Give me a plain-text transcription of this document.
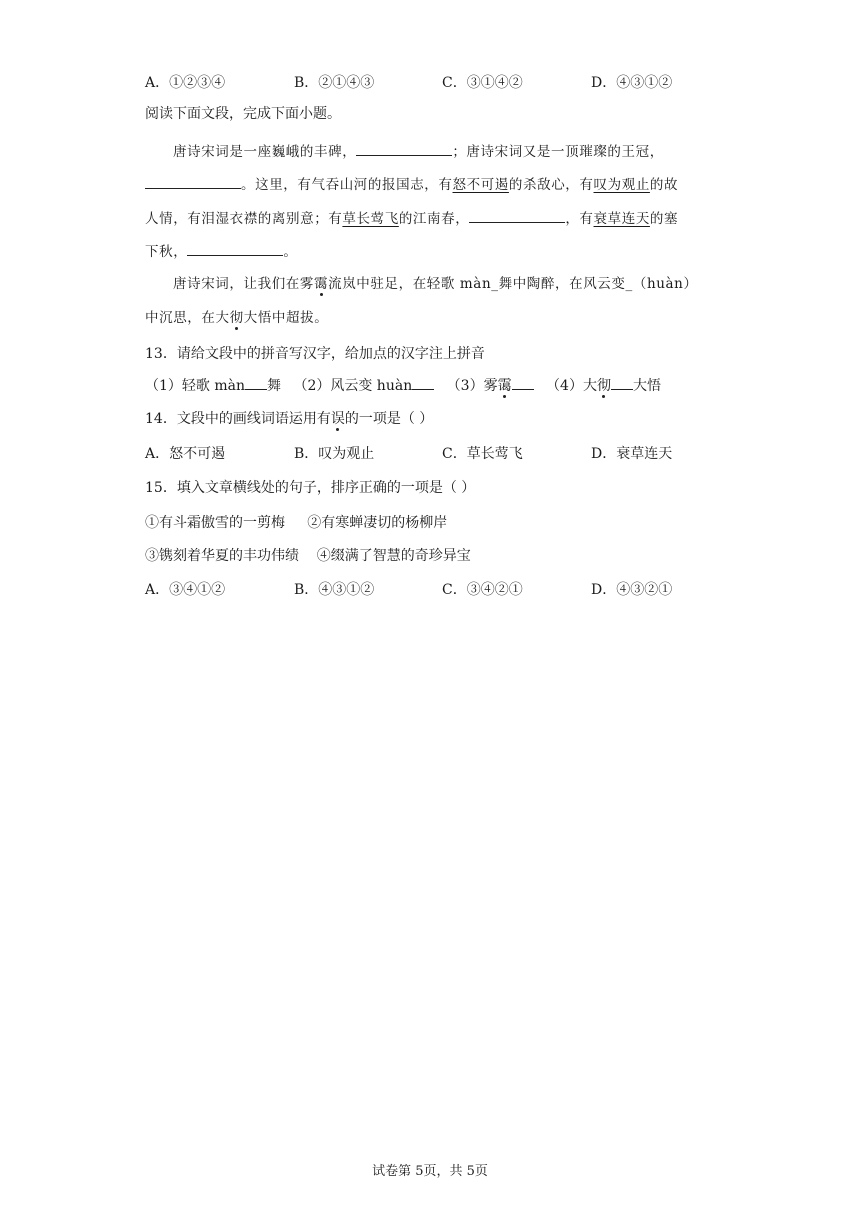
A．①②③④	B．②①④③	C．③①④②	D．④③①②
阅读下面文段，完成下面小题。
唐诗宋词是一座巍峨的丰碑，	；唐诗宋词又是一顶璀璨的王冠，
。这里，有气吞山河的报国志，有怒不可遏的杀敌心，有叹为观止的故
人情，有泪湿衣襟的离别意；有草长莺飞的江南春，	，有衰草连天的塞
下秋，	。
唐诗宋词，让我们在雾霭流岚中驻足，在轻歌 màn_舞中陶醉，在风云变_（huàn）
中沉思，在大彻大悟中超拔。
13．请给文段中的拼音写汉字，给加点的汉字注上拼音
（1）轻歌 màn 舞 （2）风云变 huàn （3）雾霭 （4）大彻 大悟
14．文段中的画线词语运用有误的一项是（ ）
A．怒不可遏	B．叹为观止	C．草长莺飞	D．衰草连天
15．填入文章横线处的句子，排序正确的一项是（ ）
①有斗霜傲雪的一剪梅     ②有寒蝉凄切的杨柳岸
③镌刻着华夏的丰功伟绩    ④缀满了智慧的奇珍异宝
A．③④①②	B．④③①②	C．③④②①	D．④③②①
试卷第 5页，共 5页
